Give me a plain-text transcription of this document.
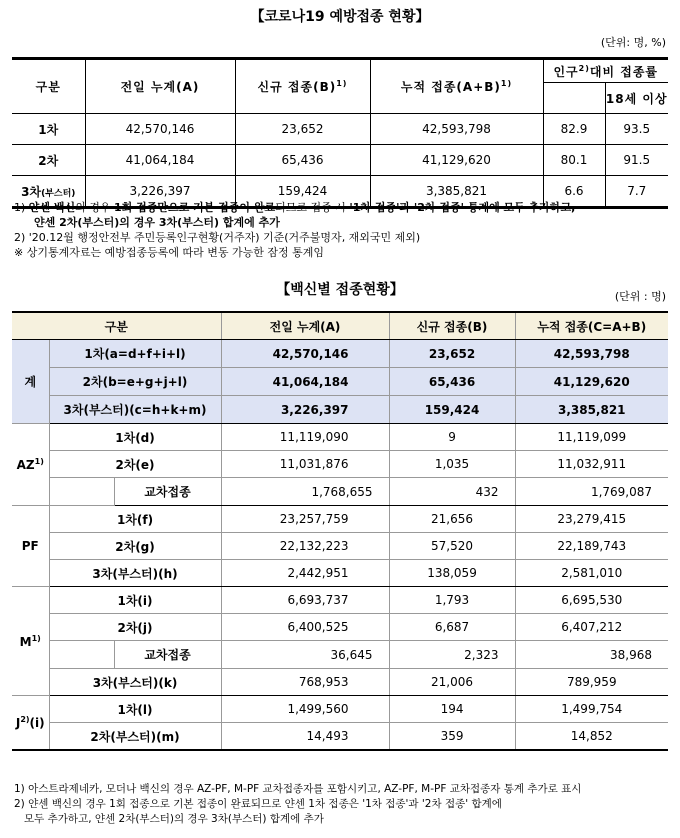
【코로나19 예방접종 현황】
(단위: 명, %)
구분	전일 누계(A)	신규 접종$(B)^{1)}$	누적 접종$(A+B)^{1)}$	인구$^{2)}$대비 접종률	
					18세 이상
1차	42,570,146	23,652	42,593,798	82.9	93.5
2차	41,064,184	65,436	41,129,620	80.1	91.5
3차(부스터)	3,226,397	159,424	3,385,821	6.6	7.7
1) 얀센 백신의 경우 1회 접종만으로 기본 접종이 완료되므로 접종 시 '1차 접종'과 '2차 접종' 통계에 모두 추가하고,
얀센 2차(부스터)의 경우 3차(부스터) 합계에 추가
2) '20.12월 행정안전부 주민등록인구현황(거주자) 기준(거주불명자, 재외국민 제외)
※ 상기통계자료는 예방접종등록에 따라 변동 가능한 잠정 통계임
【백신별 접종현황】	(단위 : 명)
구분			전일 누계(A)	신규 접종(B)	누적 접종(C=A+B)
계	1차(a=d+f+i+l)		42,570,146	23,652	42,593,798
	2차(b=e+g+j+l)		41,064,184	65,436	41,129,620
	3차(부스터)(c=h+k+m)		3,226,397	159,424	3,385,821
AZ$^{1)}$	1차(d)		11,119,090	9	11,119,099
	2차(e)		11,031,876	1,035	11,032,911
		교차접종	1,768,655	432	1,769,087
PF	1차(f)		23,257,759	21,656	23,279,415
	2차(g)		22,132,223	57,520	22,189,743
	3차(부스터)(h)		2,442,951	138,059	2,581,010
$M^{1)}$	1차(i)		6,693,737	1,793	6,695,530
	2차(j)		6,400,525	6,687	6,407,212
		교차접종	36,645	2,323	38,968
	3차(부스터)(k)		768,953	21,006	789,959
$J^{2)}(i)$	1차(l)		1,499,560	194	1,499,754
	2차(부스터)(m)		14,493	359	14,852
1) 아스트라제네카, 모더나 백신의 경우 AZ-PF, M-PF 교차접종자를 포함시키고, AZ-PF, M-PF 교차접종자 통계 추가로 표시
2) 얀센 백신의 경우 1회 접종으로 기본 접종이 완료되므로 얀센 1차 접종은 '1차 접종'과 '2차 접종' 합계에
모두 추가하고, 얀센 2차(부스터)의 경우 3차(부스터) 합계에 추가
